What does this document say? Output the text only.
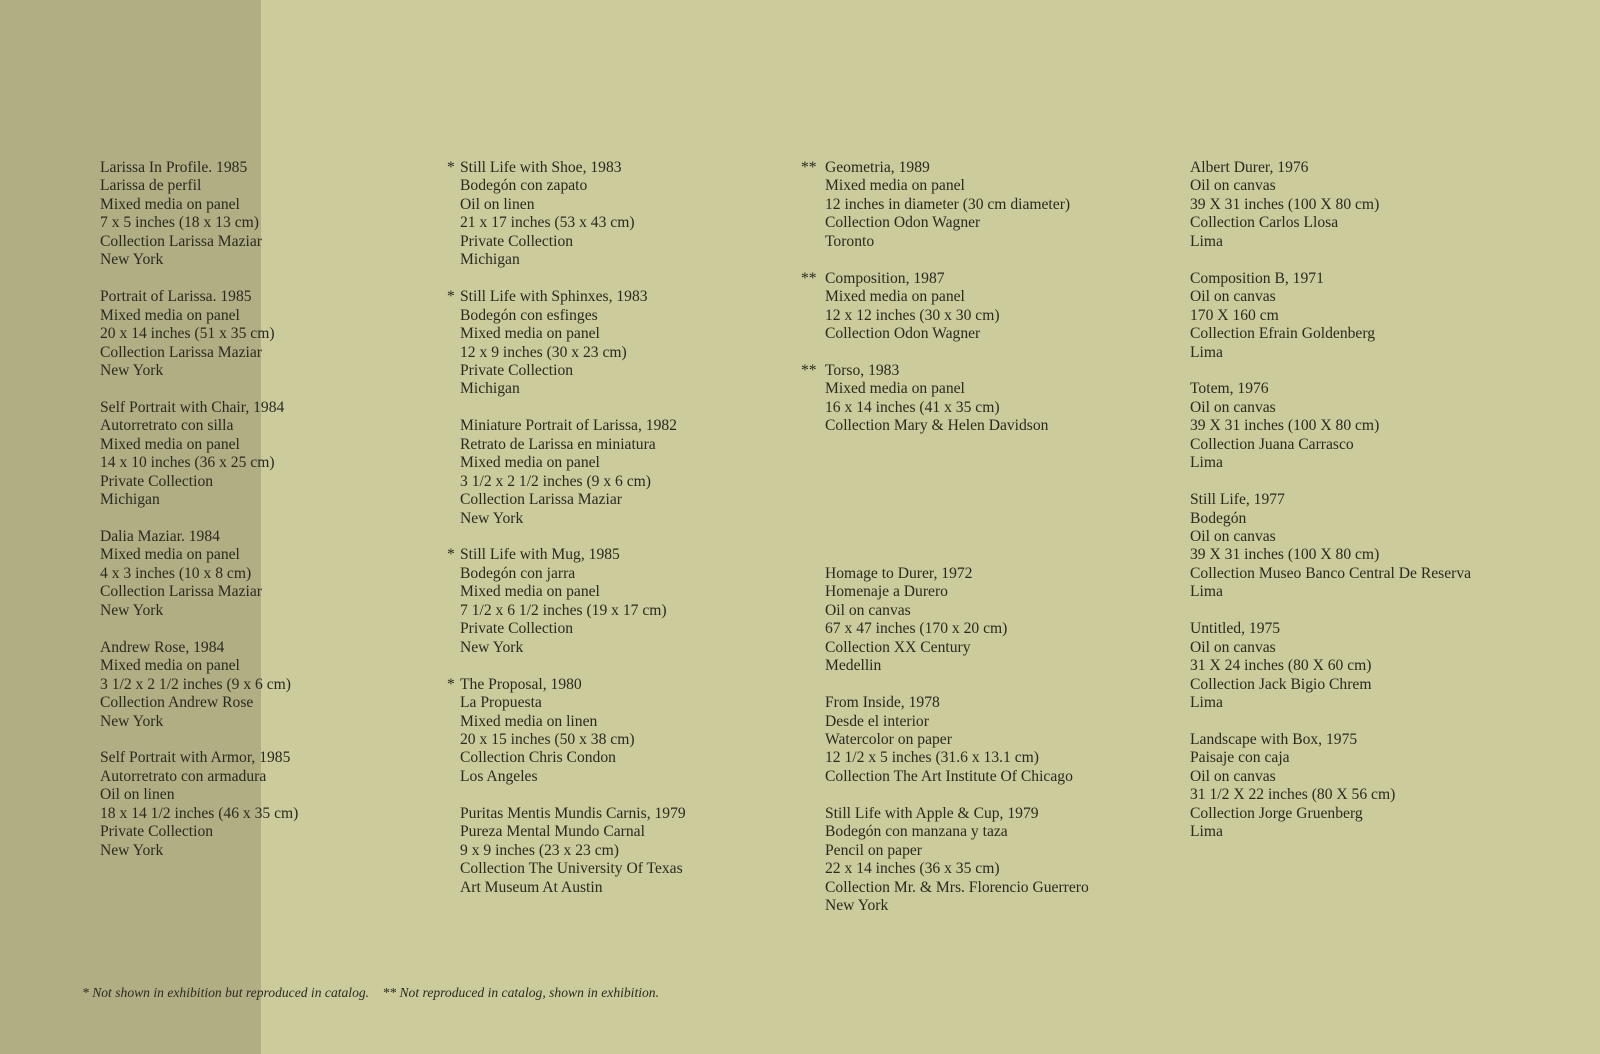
Larissa In Profile. 1985
Larissa de perfil
Mixed media on panel
7 x 5 inches (18 x 13 cm)
Collection Larissa Maziar
New York
Portrait of Larissa. 1985
Mixed media on panel
20 x 14 inches (51 x 35 cm)
Collection Larissa Maziar
New York
Self Portrait with Chair, 1984
Autorretrato con silla
Mixed media on panel
14 x 10 inches (36 x 25 cm)
Private Collection
Michigan
Dalia Maziar. 1984
Mixed media on panel
4 x 3 inches (10 x 8 cm)
Collection Larissa Maziar
New York
Andrew Rose, 1984
Mixed media on panel
3 1/2 x 2 1/2 inches (9 x 6 cm)
Collection Andrew Rose
New York
Self Portrait with Armor, 1985
Autorretrato con armadura
Oil on linen
18 x 14 1/2 inches (46 x 35 cm)
Private Collection
New York
* Still Life with Shoe, 1983
Bodegón con zapato
Oil on linen
21 x 17 inches (53 x 43 cm)
Private Collection
Michigan
* Still Life with Sphinxes, 1983
Bodegón con esfinges
Mixed media on panel
12 x 9 inches (30 x 23 cm)
Private Collection
Michigan
Miniature Portrait of Larissa, 1982
Retrato de Larissa en miniatura
Mixed media on panel
3 1/2 x 2 1/2 inches (9 x 6 cm)
Collection Larissa Maziar
New York
* Still Life with Mug, 1985
Bodegón con jarra
Mixed media on panel
7 1/2 x 6 1/2 inches (19 x 17 cm)
Private Collection
New York
* The Proposal, 1980
La Propuesta
Mixed media on linen
20 x 15 inches (50 x 38 cm)
Collection Chris Condon
Los Angeles
Puritas Mentis Mundis Carnis, 1979
Pureza Mental Mundo Carnal
9 x 9 inches (23 x 23 cm)
Collection The University Of Texas
Art Museum At Austin
** Geometria, 1989
Mixed media on panel
12 inches in diameter (30 cm diameter)
Collection Odon Wagner
Toronto
** Composition, 1987
Mixed media on panel
12 x 12 inches (30 x 30 cm)
Collection Odon Wagner
** Torso, 1983
Mixed media on panel
16 x 14 inches (41 x 35 cm)
Collection Mary & Helen Davidson
Homage to Durer, 1972
Homenaje a Durero
Oil on canvas
67 x 47 inches (170 x 20 cm)
Collection XX Century
Medellin
From Inside, 1978
Desde el interior
Watercolor on paper
12 1/2 x 5 inches (31.6 x 13.1 cm)
Collection The Art Institute Of Chicago
Still Life with Apple & Cup, 1979
Bodegón con manzana y taza
Pencil on paper
22 x 14 inches (36 x 35 cm)
Collection Mr. & Mrs. Florencio Guerrero
New York
Albert Durer, 1976
Oil on canvas
39 X 31 inches (100 X 80 cm)
Collection Carlos Llosa
Lima
Composition B, 1971
Oil on canvas
170 X 160 cm
Collection Efrain Goldenberg
Lima
Totem, 1976
Oil on canvas
39 X 31 inches (100 X 80 cm)
Collection Juana Carrasco
Lima
Still Life, 1977
Bodegón
Oil on canvas
39 X 31 inches (100 X 80 cm)
Collection Museo Banco Central De Reserva
Lima
Untitled, 1975
Oil on canvas
31 X 24 inches (80 X 60 cm)
Collection Jack Bigio Chrem
Lima
Landscape with Box, 1975
Paisaje con caja
Oil on canvas
31 1/2 X 22 inches (80 X 56 cm)
Collection Jorge Gruenberg
Lima
* Not shown in exhibition but reproduced in catalog. ** Not reproduced in catalog, shown in exhibition.
